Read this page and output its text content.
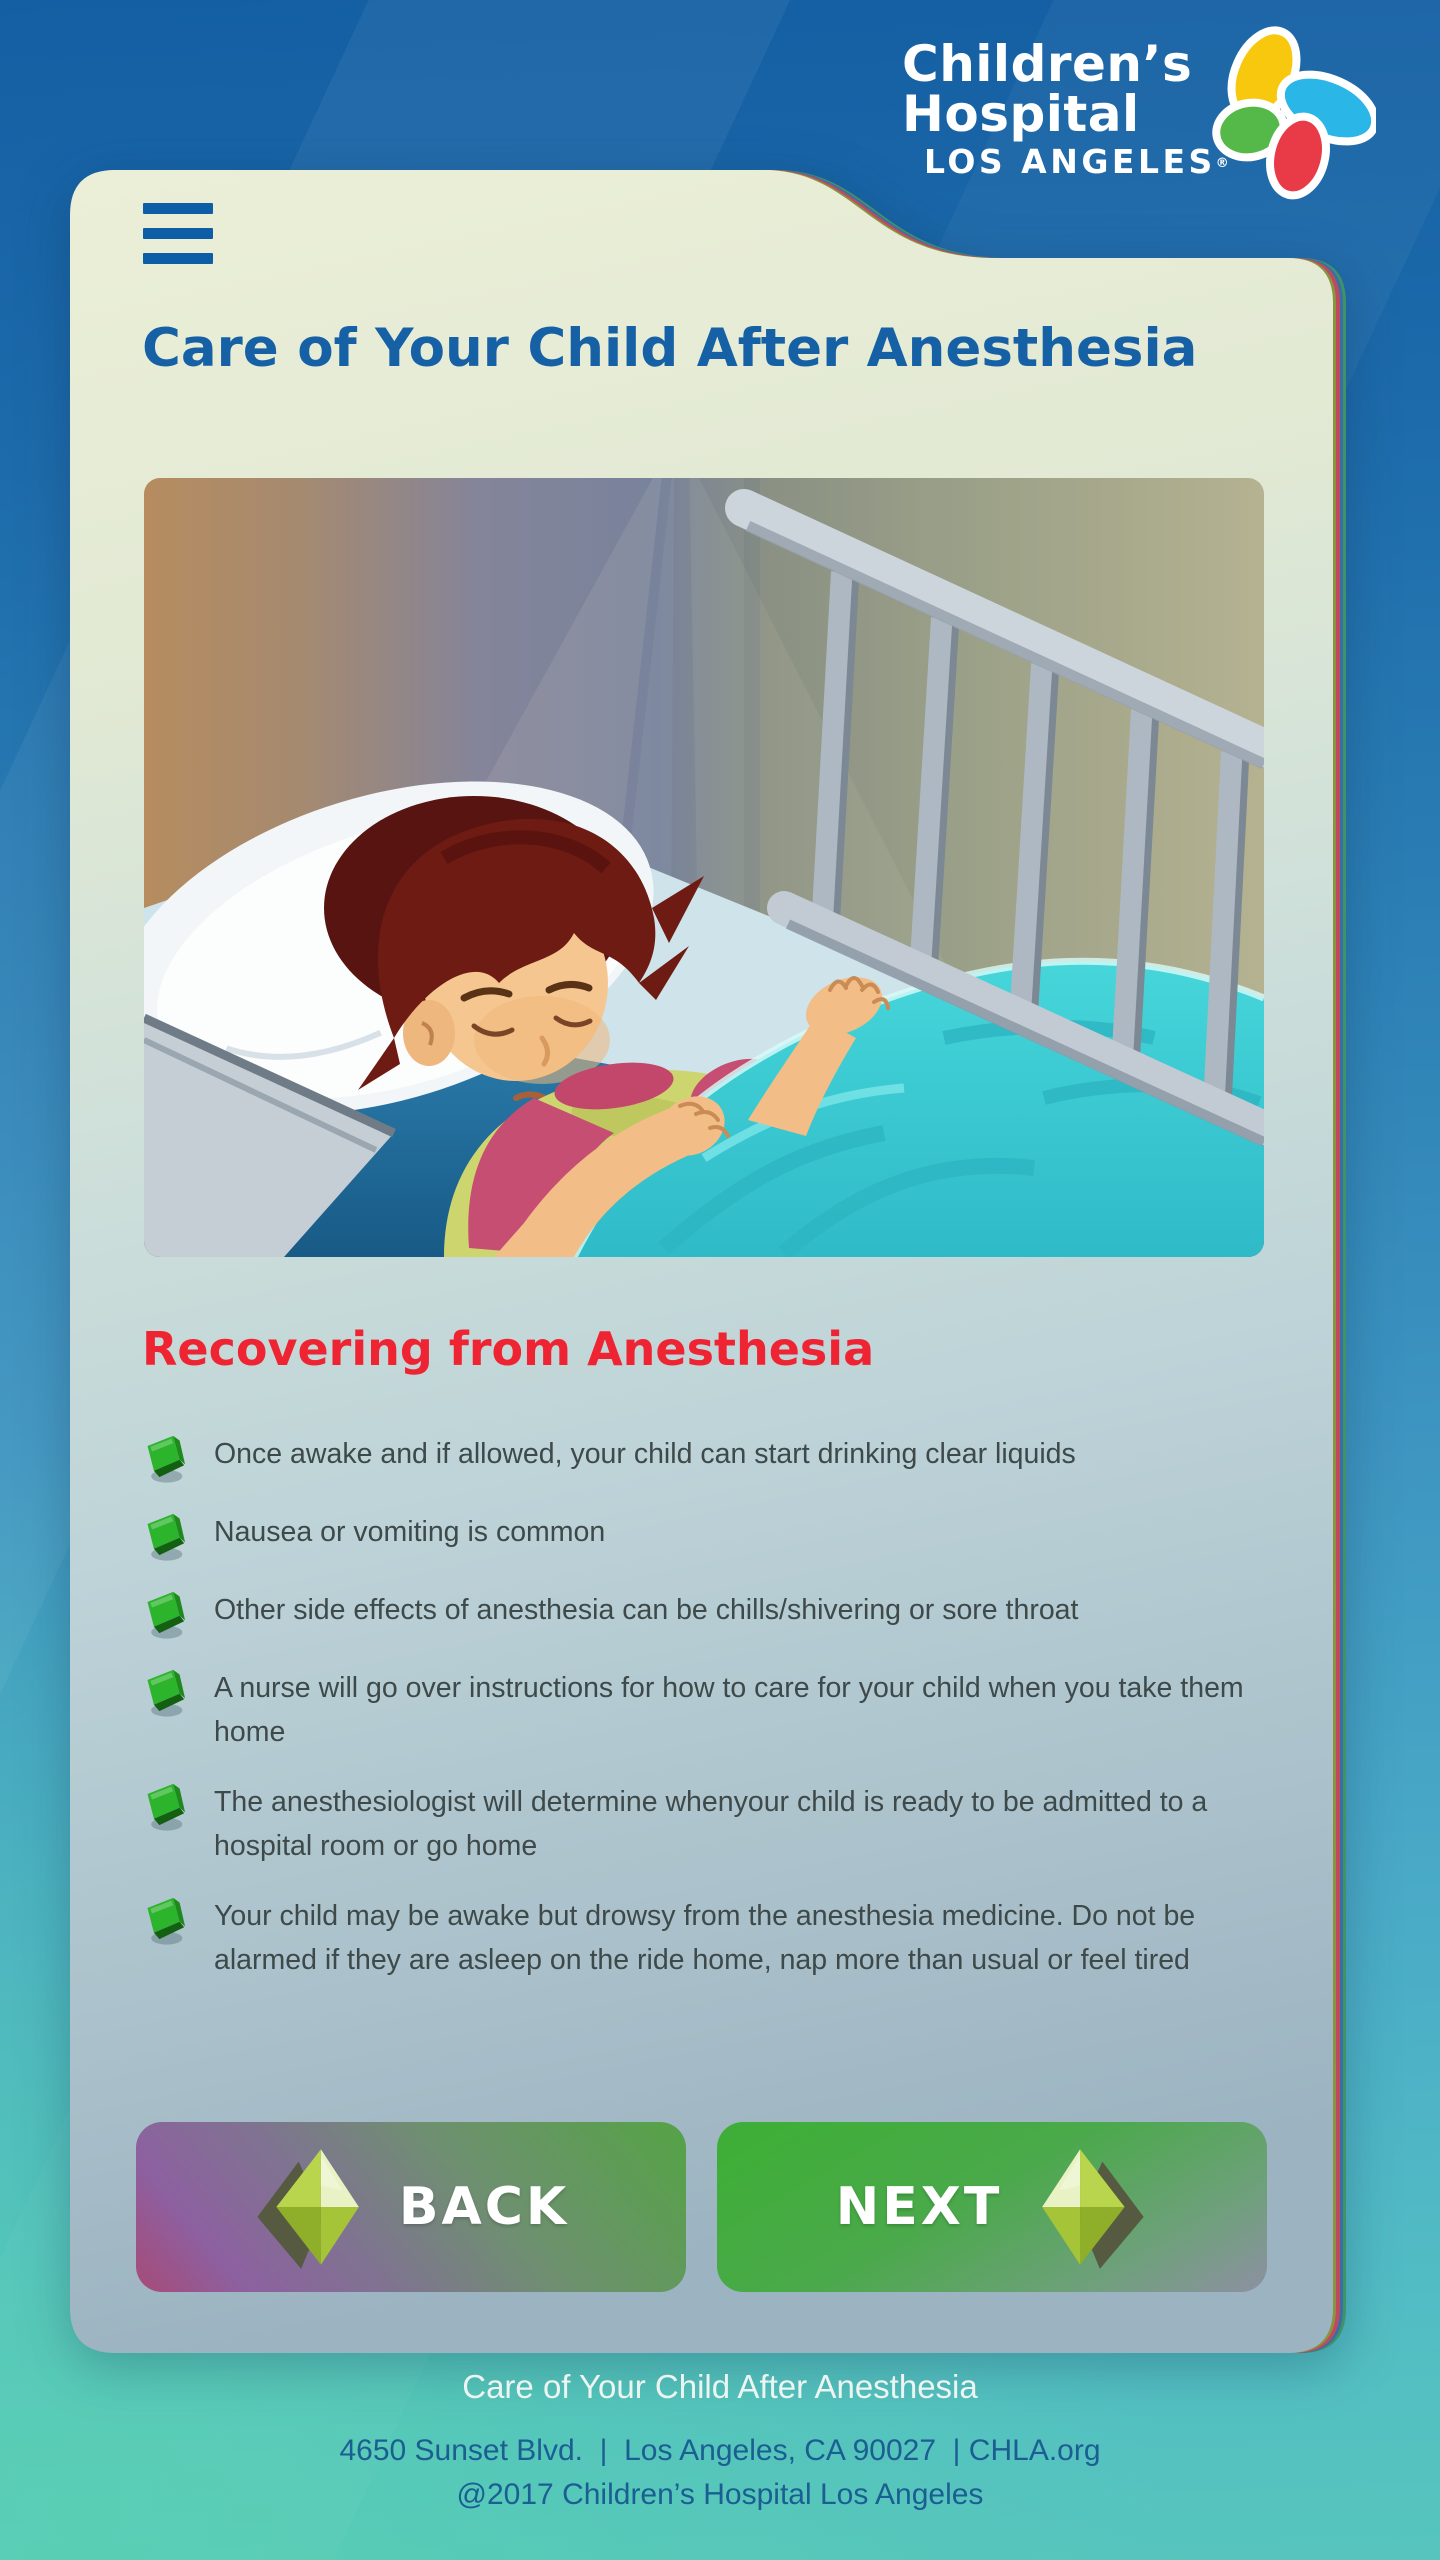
Children’s
Hospital
LOS ANGELES®
Care of Your Child After Anesthesia
Recovering from Anesthesia
Once awake and if allowed, your child can start drinking clear liquids
Nausea or vomiting is common
Other side effects of anesthesia can be chills/shivering or sore throat
A nurse will go over instructions for how to care for your child when you take them home
The anesthesiologist will determine whenyour child is ready to be admitted to a hospital room or go home
Your child may be awake but drowsy from the anesthesia medicine. Do not be alarmed if they are asleep on the ride home, nap more than usual or feel tired
BACK	NEXT
Care of Your Child After Anesthesia
4650 Sunset Blvd.  |  Los Angeles, CA 90027  | CHLA.org
@2017 Children’s Hospital Los Angeles
